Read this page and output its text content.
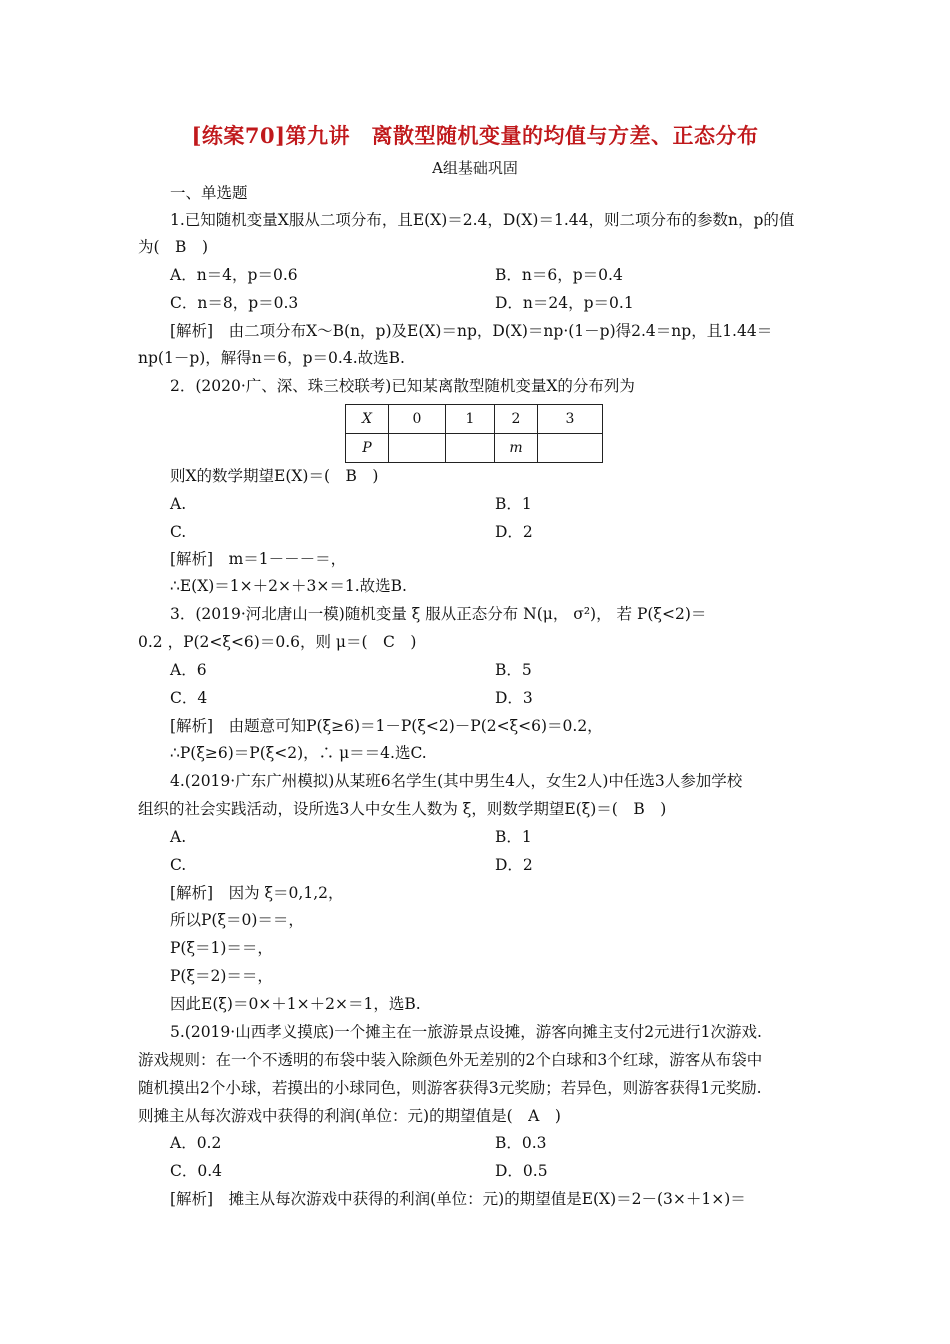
[练案70]第九讲　离散型随机变量的均值与方差、正态分布
A组基础巩固
一、单选题
1.已知随机变量X服从二项分布，且E(X)＝2.4，D(X)＝1.44，则二项分布的参数n，p的值
为(　B　)
A．n＝4，p＝0.6	B．n＝6，p＝0.4
C．n＝8，p＝0.3	D．n＝24，p＝0.1
[解析]　由二项分布X～B(n，p)及E(X)＝np，D(X)＝np·(1－p)得2.4＝np，且1.44＝
np(1－p)，解得n＝6，p＝0.4.故选B.
2．(2020·广、深、珠三校联考)已知某离散型随机变量X的分布列为
X	0	1	2	3
P			m	
则X的数学期望E(X)＝(　B　)
A.	B．1
C.	D．2
[解析]　m＝1－－－＝，
∴E(X)＝1×＋2×＋3×＝1.故选B.
3．(2019·河北唐山一模)随机变量 ξ 服从正态分布 N(μ， σ²)， 若 P(ξ<2)＝
0.2 ，P(2<ξ<6)＝0.6，则 μ＝(　C　)
A．6	B．5
C．4	D．3
[解析]　由题意可知P(ξ≥6)＝1－P(ξ<2)－P(2<ξ<6)＝0.2，
∴P(ξ≥6)＝P(ξ<2)，∴ μ＝＝4.选C.
4.(2019·广东广州模拟)从某班6名学生(其中男生4人，女生2人)中任选3人参加学校
组织的社会实践活动，设所选3人中女生人数为 ξ，则数学期望E(ξ)＝(　B　)
A.	B．1
C.	D．2
[解析]　因为 ξ＝0,1,2，
所以P(ξ＝0)＝＝，
P(ξ＝1)＝＝，
P(ξ＝2)＝＝，
因此E(ξ)＝0×＋1×＋2×＝1，选B.
5.(2019·山西孝义摸底)一个摊主在一旅游景点设摊，游客向摊主支付2元进行1次游戏.
游戏规则：在一个不透明的布袋中装入除颜色外无差别的2个白球和3个红球，游客从布袋中
随机摸出2个小球，若摸出的小球同色，则游客获得3元奖励；若异色，则游客获得1元奖励.
则摊主从每次游戏中获得的利润(单位：元)的期望值是(　A　)
A．0.2	B．0.3
C．0.4	D．0.5
[解析]　摊主从每次游戏中获得的利润(单位：元)的期望值是E(X)＝2－(3×＋1×)＝
